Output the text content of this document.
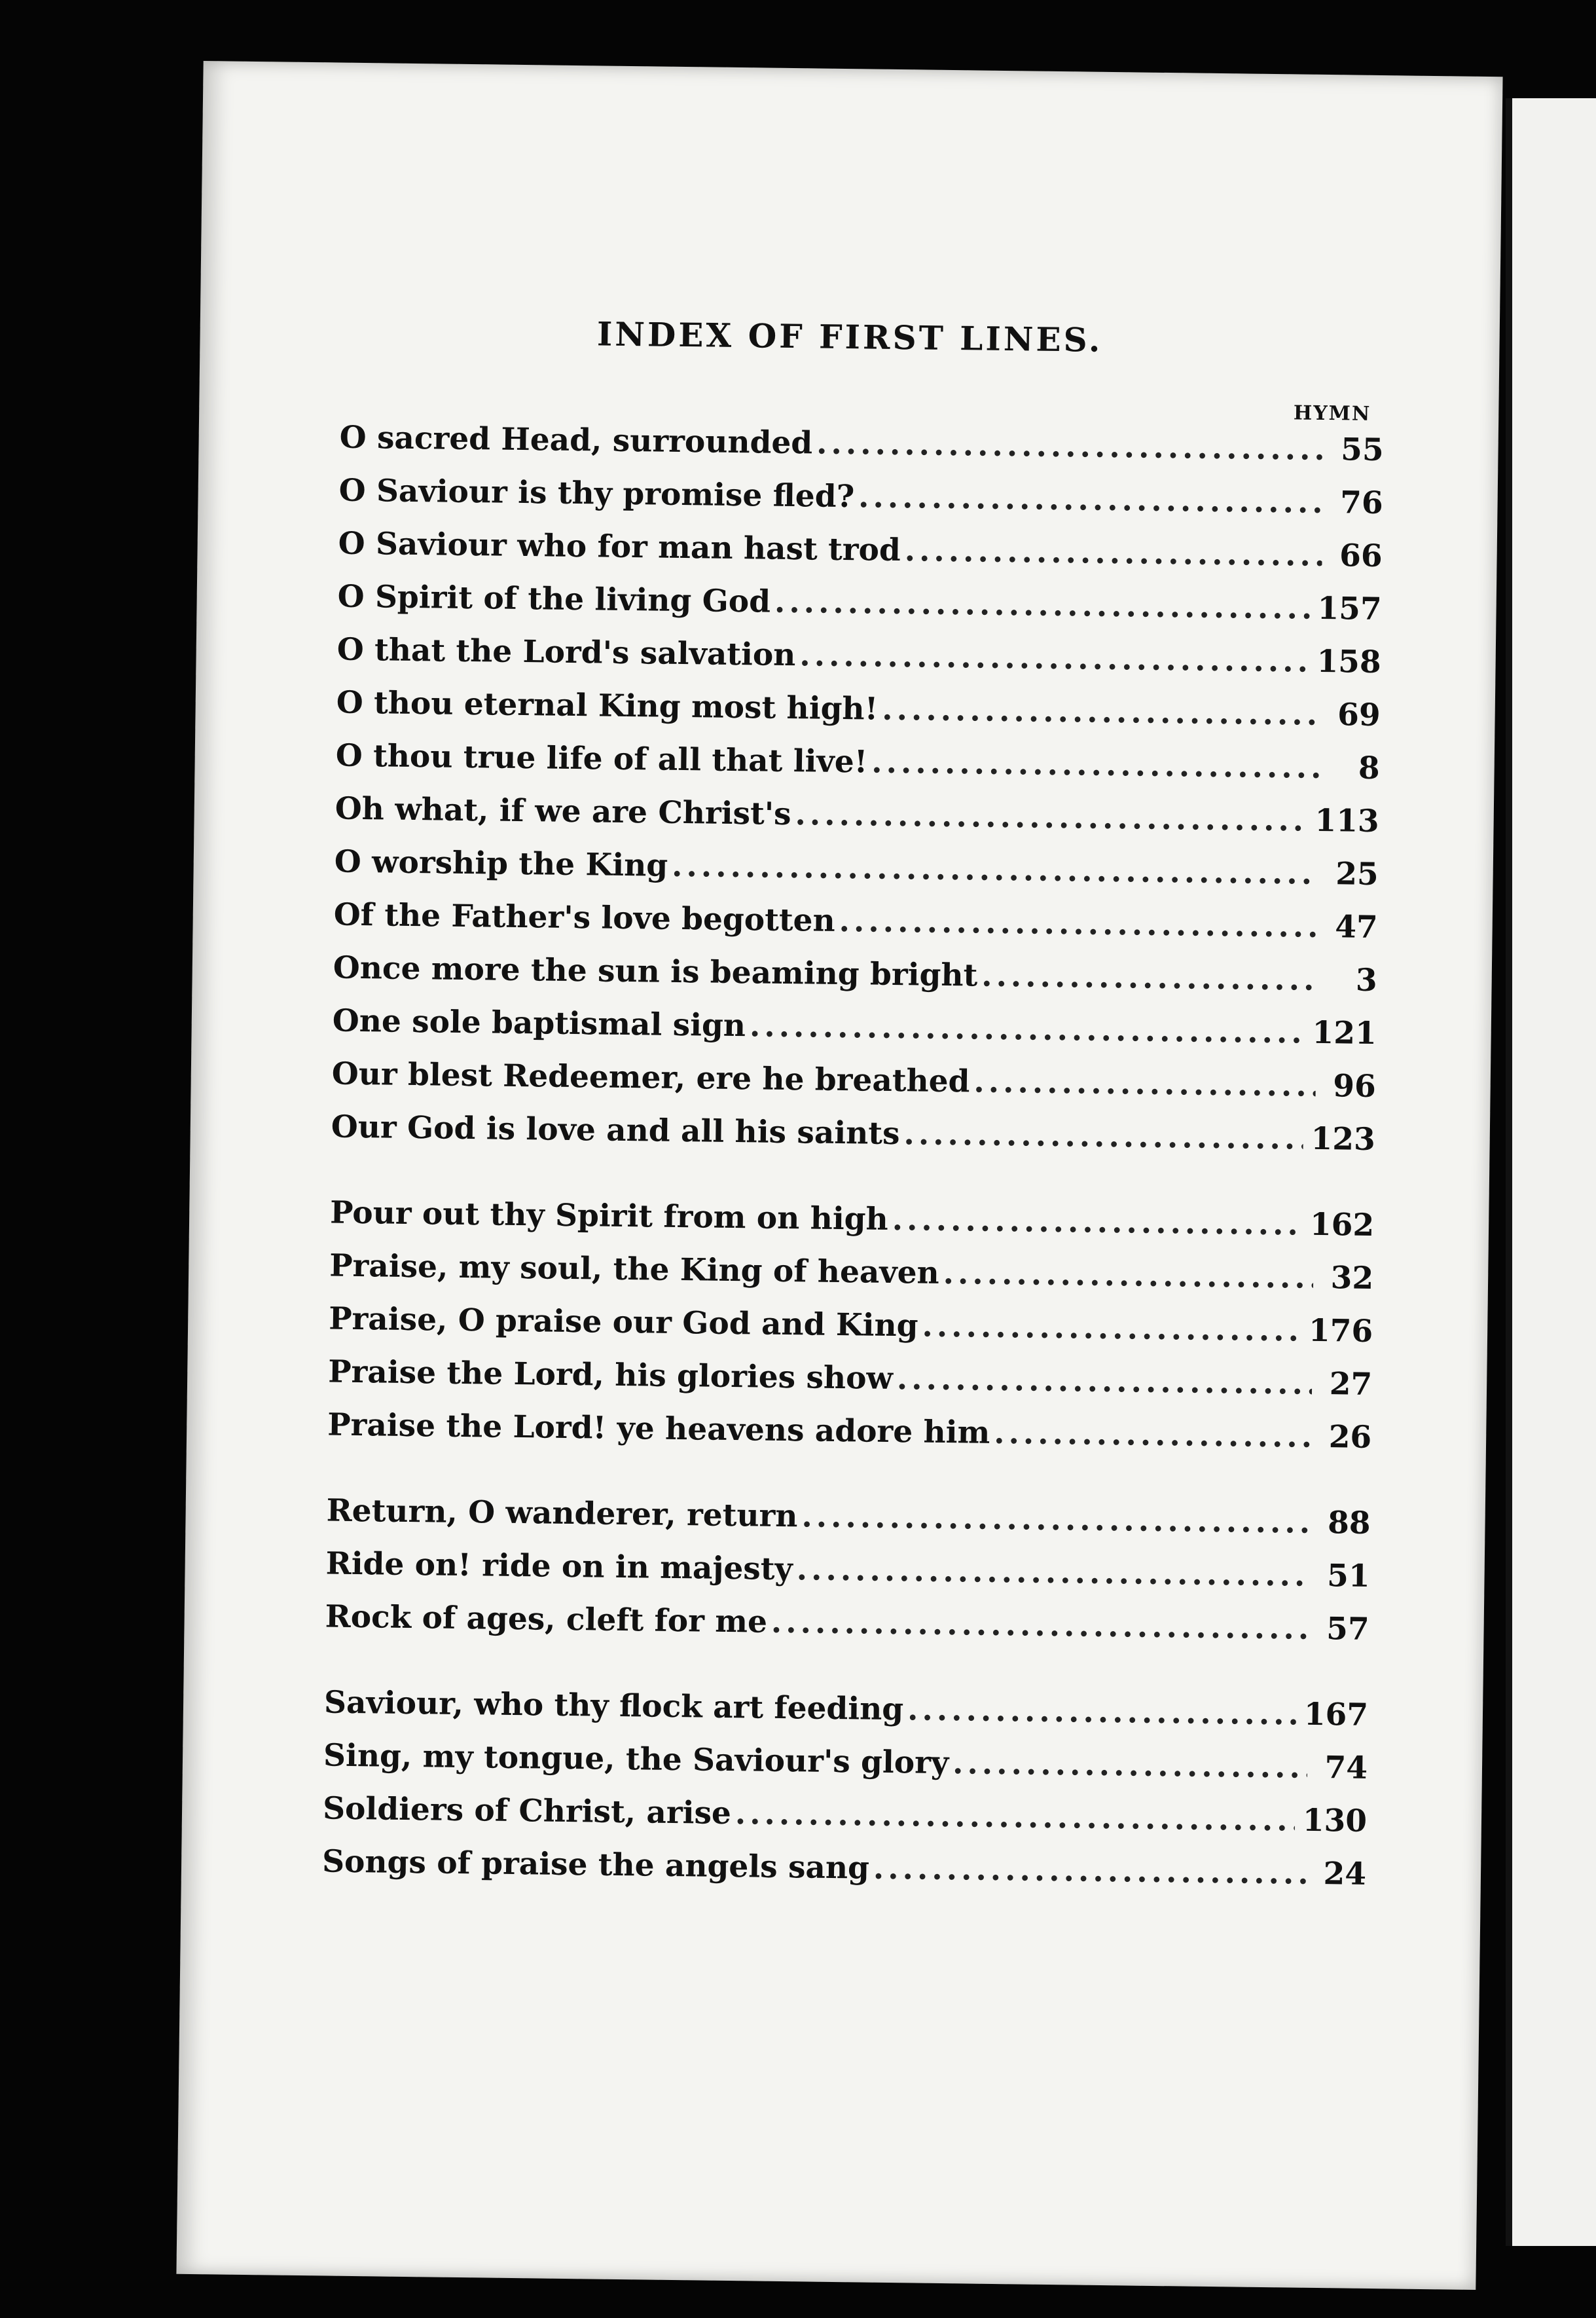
INDEX OF FIRST LINES.
HYMN
O sacred Head, surrounded .....	55
O Saviour is thy promise fled? .....	76
O Saviour who for man hast trod .....	66
O Spirit of the living God .....	157
O that the Lord's salvation .....	158
O thou eternal King most high! .....	69
O thou true life of all that live! .....	8
Oh what, if we are Christ's .....	113
O worship the King .....	25
Of the Father's love begotten .....	47
Once more the sun is beaming bright .....	3
One sole baptismal sign .....	121
Our blest Redeemer, ere he breathed .....	96
Our God is love and all his saints .....	123
Pour out thy Spirit from on high .....	162
Praise, my soul, the King of heaven .....	32
Praise, O praise our God and King .....	176
Praise the Lord, his glories show .....	27
Praise the Lord! ye heavens adore him .....	26
Return, O wanderer, return .....	88
Ride on! ride on in majesty .....	51
Rock of ages, cleft for me .....	57
Saviour, who thy flock art feeding .....	167
Sing, my tongue, the Saviour's glory .....	74
Soldiers of Christ, arise .....	130
Songs of praise the angels sang .....	24
